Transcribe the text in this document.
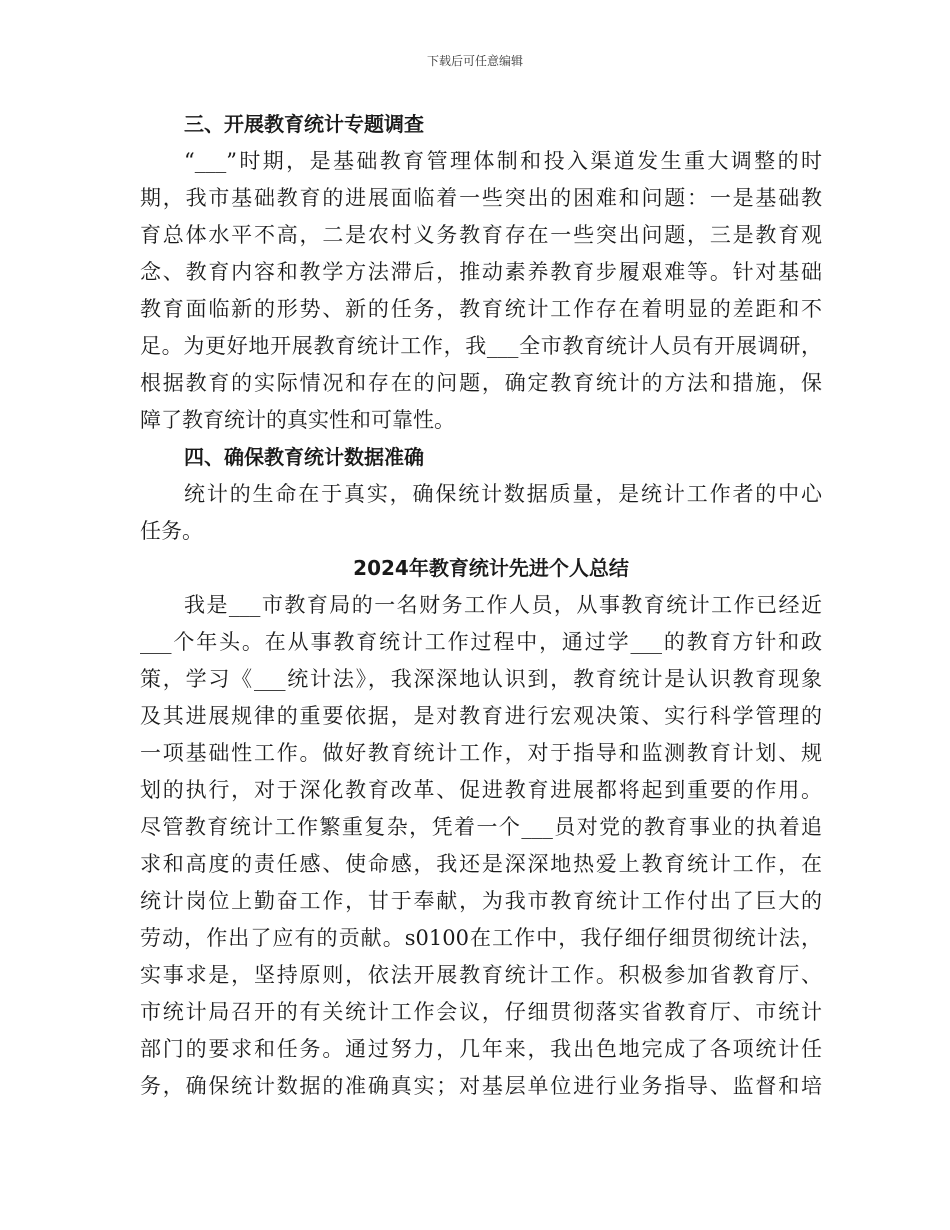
下载后可任意编辑
三、开展教育统计专题调查
“___”时期，是基础教育管理体制和投入渠道发生重大调整的时
期，我市基础教育的进展面临着一些突出的困难和问题：一是基础教
育总体水平不高，二是农村义务教育存在一些突出问题，三是教育观
念、教育内容和教学方法滞后，推动素养教育步履艰难等。针对基础
教育面临新的形势、新的任务，教育统计工作存在着明显的差距和不
足。为更好地开展教育统计工作，我___全市教育统计人员有开展调研，
根据教育的实际情况和存在的问题，确定教育统计的方法和措施，保
障了教育统计的真实性和可靠性。
四、确保教育统计数据准确
统计的生命在于真实，确保统计数据质量，是统计工作者的中心
任务。
2024年教育统计先进个人总结
我是___市教育局的一名财务工作人员，从事教育统计工作已经近
___个年头。在从事教育统计工作过程中，通过学___的教育方针和政
策，学习《___统计法》，我深深地认识到，教育统计是认识教育现象
及其进展规律的重要依据，是对教育进行宏观决策、实行科学管理的
一项基础性工作。做好教育统计工作，对于指导和监测教育计划、规
划的执行，对于深化教育改革、促进教育进展都将起到重要的作用。
尽管教育统计工作繁重复杂，凭着一个___员对党的教育事业的执着追
求和高度的责任感、使命感，我还是深深地热爱上教育统计工作，在
统计岗位上勤奋工作，甘于奉献，为我市教育统计工作付出了巨大的
劳动，作出了应有的贡献。s0100在工作中，我仔细仔细贯彻统计法，
实事求是，坚持原则，依法开展教育统计工作。积极参加省教育厅、
市统计局召开的有关统计工作会议，仔细贯彻落实省教育厅、市统计
部门的要求和任务。通过努力，几年来，我出色地完成了各项统计任
务，确保统计数据的准确真实；对基层单位进行业务指导、监督和培
